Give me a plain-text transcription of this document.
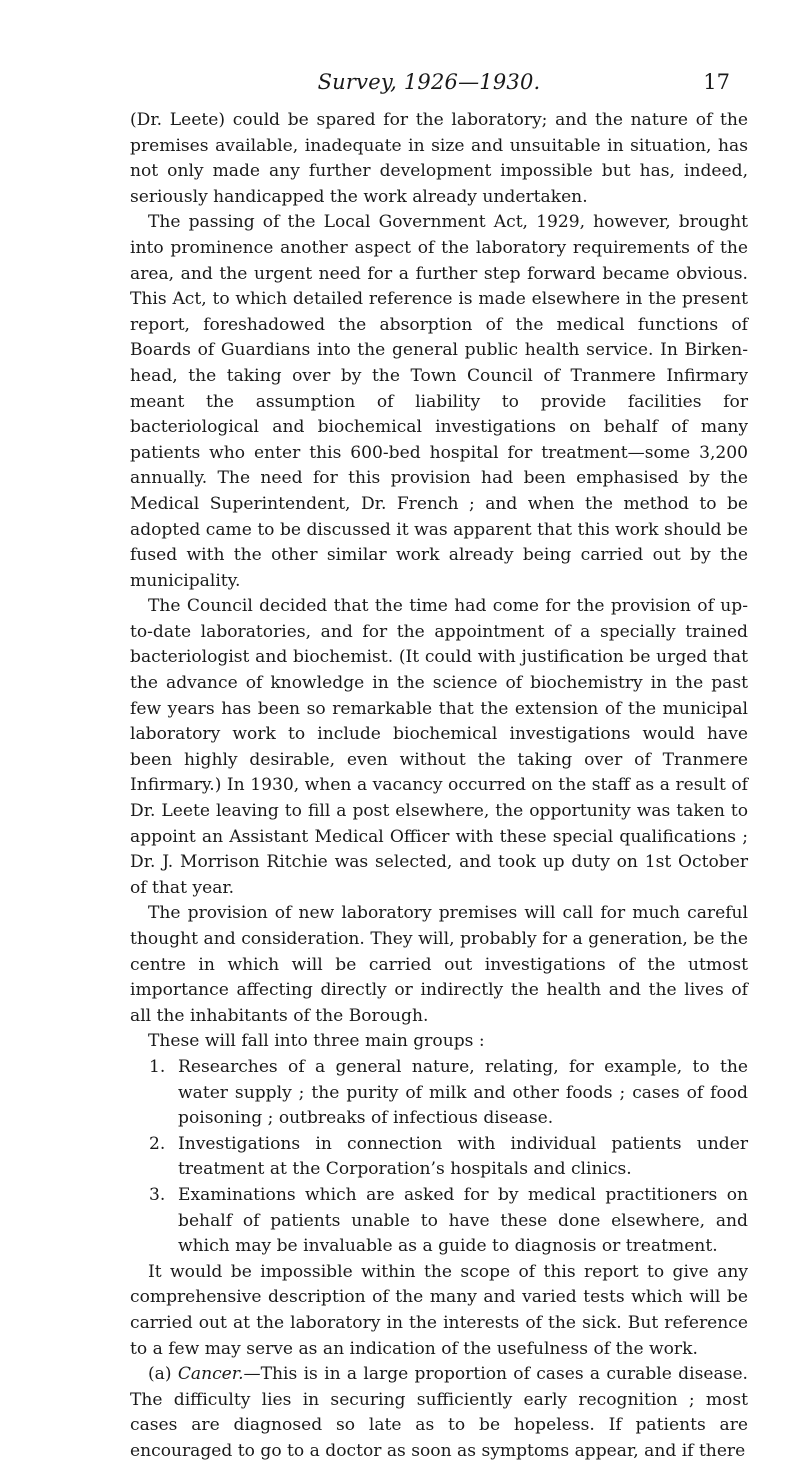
Survey, 1926—1930.	17

(Dr. Leete) could be spared for the laboratory; and the nature of the premises available, inadequate in size and unsuitable in situation, has not only made any further development impossible but has, indeed, seriously handicapped the work already undertaken.

The passing of the Local Government Act, 1929, however, brought into prominence another aspect of the laboratory requirements of the area, and the urgent need for a further step forward became obvious. This Act, to which detailed reference is made elsewhere in the present report, foreshadowed the absorption of the medical functions of Boards of Guardians into the general public health service. In Birkenhead, the taking over by the Town Council of Tranmere Infirmary meant the assumption of liability to provide facilities for bacteriological and biochemical investigations on behalf of many patients who enter this 600-bed hospital for treatment—some 3,200 annually. The need for this provision had been emphasised by the Medical Superintendent, Dr. French ; and when the method to be adopted came to be discussed it was apparent that this work should be fused with the other similar work already being carried out by the municipality.

The Council decided that the time had come for the provision of up-to-date laboratories, and for the appointment of a specially trained bacteriologist and biochemist. (It could with justification be urged that the advance of knowledge in the science of biochemistry in the past few years has been so remarkable that the extension of the municipal laboratory work to include biochemical investigations would have been highly desirable, even without the taking over of Tranmere Infirmary.) In 1930, when a vacancy occurred on the staff as a result of Dr. Leete leaving to fill a post elsewhere, the opportunity was taken to appoint an Assistant Medical Officer with these special qualifications ; Dr. J. Morrison Ritchie was selected, and took up duty on 1st October of that year.

The provision of new laboratory premises will call for much careful thought and consideration. They will, probably for a generation, be the centre in which will be carried out investigations of the utmost importance affecting directly or indirectly the health and the lives of all the inhabitants of the Borough.

These will fall into three main groups :

1. Researches of a general nature, relating, for example, to the water supply ; the purity of milk and other foods ; cases of food poisoning ; outbreaks of infectious disease.
2. Investigations in connection with individual patients under treatment at the Corporation’s hospitals and clinics.
3. Examinations which are asked for by medical practitioners on behalf of patients unable to have these done elsewhere, and which may be invaluable as a guide to diagnosis or treatment.

It would be impossible within the scope of this report to give any comprehensive description of the many and varied tests which will be carried out at the laboratory in the interests of the sick. But reference to a few may serve as an indication of the usefulness of the work.

(a) Cancer.—This is in a large proportion of cases a curable disease. The difficulty lies in securing sufficiently early recognition ; most cases are diagnosed so late as to be hopeless. If patients are encouraged to go to a doctor as soon as symptoms appear, and if there
